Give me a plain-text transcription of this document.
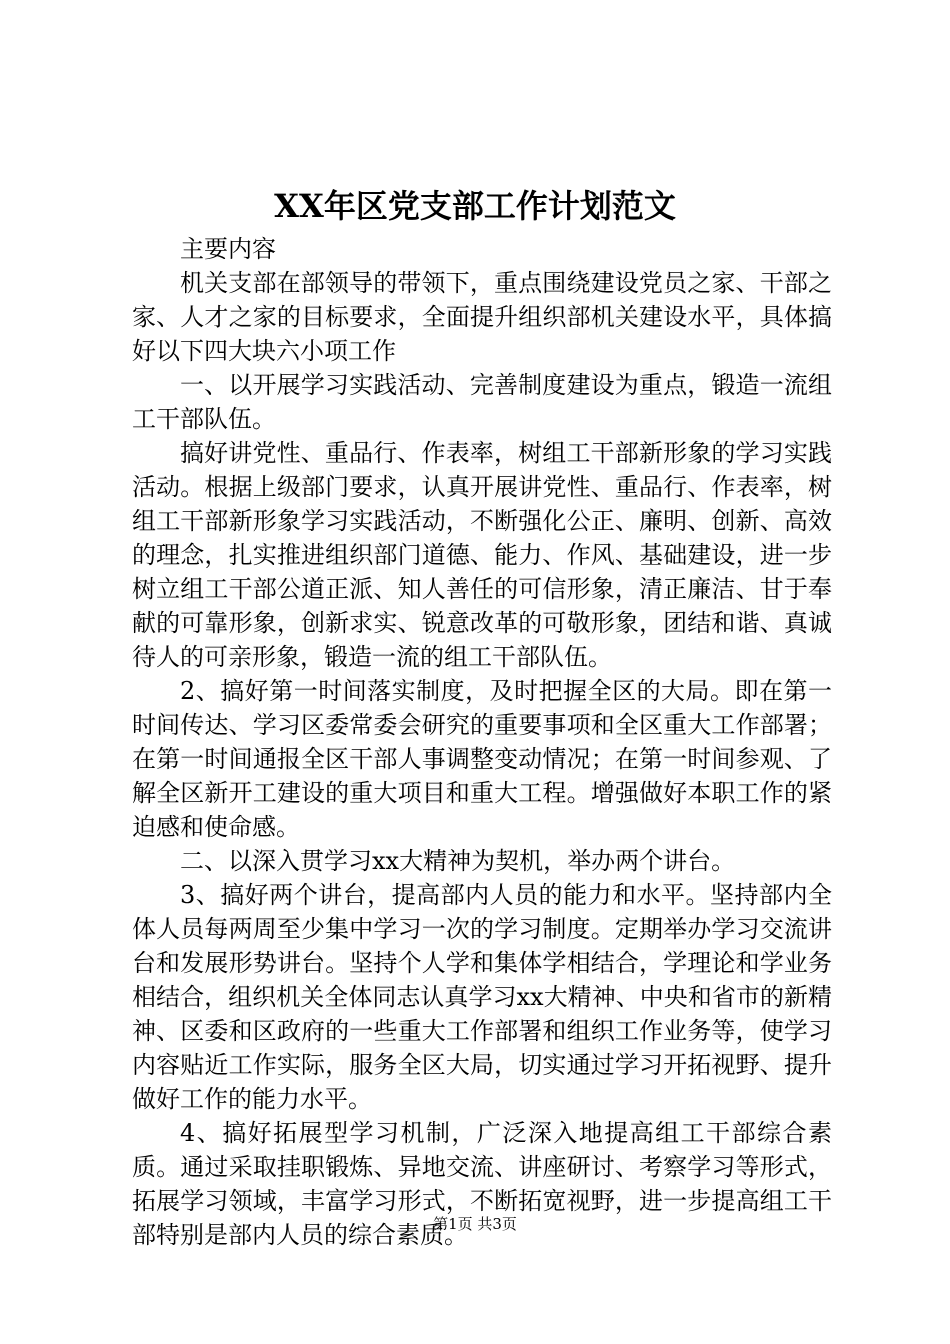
XX年区党支部工作计划范文

主要内容

机关支部在部领导的带领下，重点围绕建设党员之家、干部之家、人才之家的目标要求，全面提升组织部机关建设水平，具体搞好以下四大块六小项工作

一、以开展学习实践活动、完善制度建设为重点，锻造一流组工干部队伍。

搞好讲党性、重品行、作表率，树组工干部新形象的学习实践活动。根据上级部门要求，认真开展讲党性、重品行、作表率，树组工干部新形象学习实践活动，不断强化公正、廉明、创新、高效的理念，扎实推进组织部门道德、能力、作风、基础建设，进一步树立组工干部公道正派、知人善任的可信形象，清正廉洁、甘于奉献的可靠形象，创新求实、锐意改革的可敬形象，团结和谐、真诚待人的可亲形象，锻造一流的组工干部队伍。

2、搞好第一时间落实制度，及时把握全区的大局。即在第一时间传达、学习区委常委会研究的重要事项和全区重大工作部署；在第一时间通报全区干部人事调整变动情况；在第一时间参观、了解全区新开工建设的重大项目和重大工程。增强做好本职工作的紧迫感和使命感。

二、以深入贯学习xx大精神为契机，举办两个讲台。

3、搞好两个讲台，提高部内人员的能力和水平。坚持部内全体人员每两周至少集中学习一次的学习制度。定期举办学习交流讲台和发展形势讲台。坚持个人学和集体学相结合，学理论和学业务相结合，组织机关全体同志认真学习xx大精神、中央和省市的新精神、区委和区政府的一些重大工作部署和组织工作业务等，使学习内容贴近工作实际，服务全区大局，切实通过学习开拓视野、提升做好工作的能力水平。

4、搞好拓展型学习机制，广泛深入地提高组工干部综合素质。通过采取挂职锻炼、异地交流、讲座研讨、考察学习等形式，拓展学习领域，丰富学习形式，不断拓宽视野，进一步提高组工干部特别是部内人员的综合素质。

第1页 共3页
